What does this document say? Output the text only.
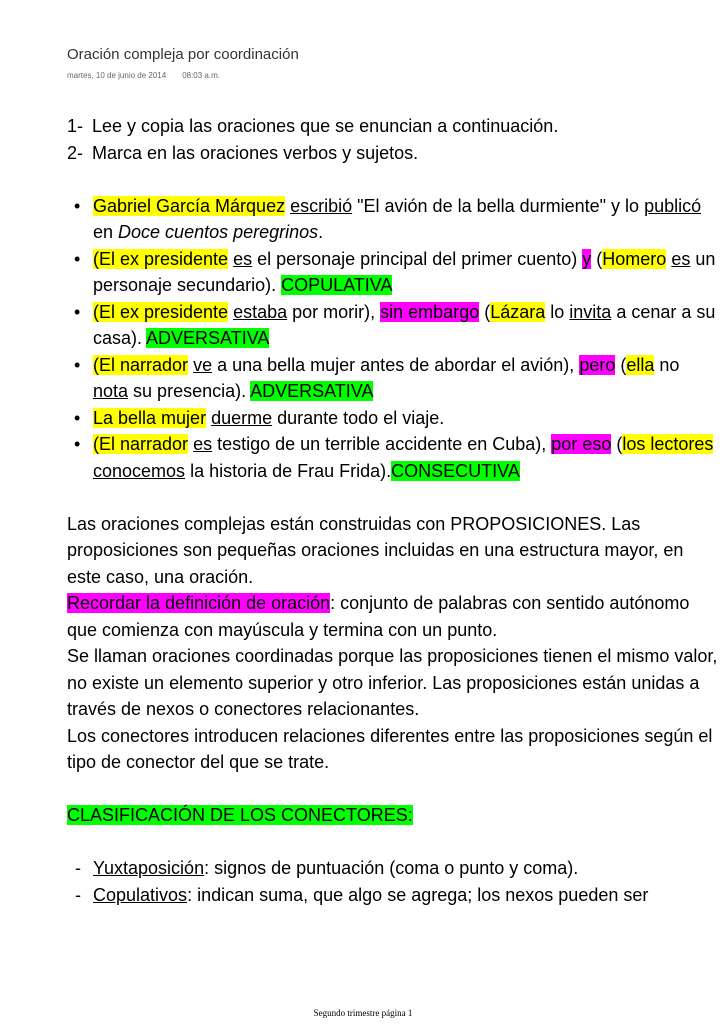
Oración compleja por coordinación
martes, 10 de junio de 2014 08:03 a.m.
1- Lee y copia las oraciones que se enuncian a continuación.
2- Marca en las oraciones verbos y sujetos.
• Gabriel García Márquez escribió "El avión de la bella durmiente" y lo publicó en Doce cuentos peregrinos.
• (El ex presidente es el personaje principal del primer cuento) y (Homero es un personaje secundario). COPULATIVA
• (El ex presidente estaba por morir), sin embargo (Lázara lo invita a cenar a su casa). ADVERSATIVA
• (El narrador ve a una bella mujer antes de abordar el avión), pero (ella no nota su presencia). ADVERSATIVA
• La bella mujer duerme durante todo el viaje.
• (El narrador es testigo de un terrible accidente en Cuba), por eso (los lectores conocemos la historia de Frau Frida).CONSECUTIVA

Las oraciones complejas están construidas con PROPOSICIONES. Las proposiciones son pequeñas oraciones incluidas en una estructura mayor, en este caso, una oración.

Recordar la definición de oración: conjunto de palabras con sentido autónomo que comienza con mayúscula y termina con un punto.

Se llaman oraciones coordinadas porque las proposiciones tienen el mismo valor, no existe un elemento superior y otro inferior. Las proposiciones están unidas a través de nexos o conectores relacionantes.

Los conectores introducen relaciones diferentes entre las proposiciones según el tipo de conector del que se trate.

CLASIFICACIÓN DE LOS CONECTORES:

- Yuxtaposición: signos de puntuación (coma o punto y coma).
- Copulativos: indican suma, que algo se agrega; los nexos pueden ser
Segundo trimestre página 1
